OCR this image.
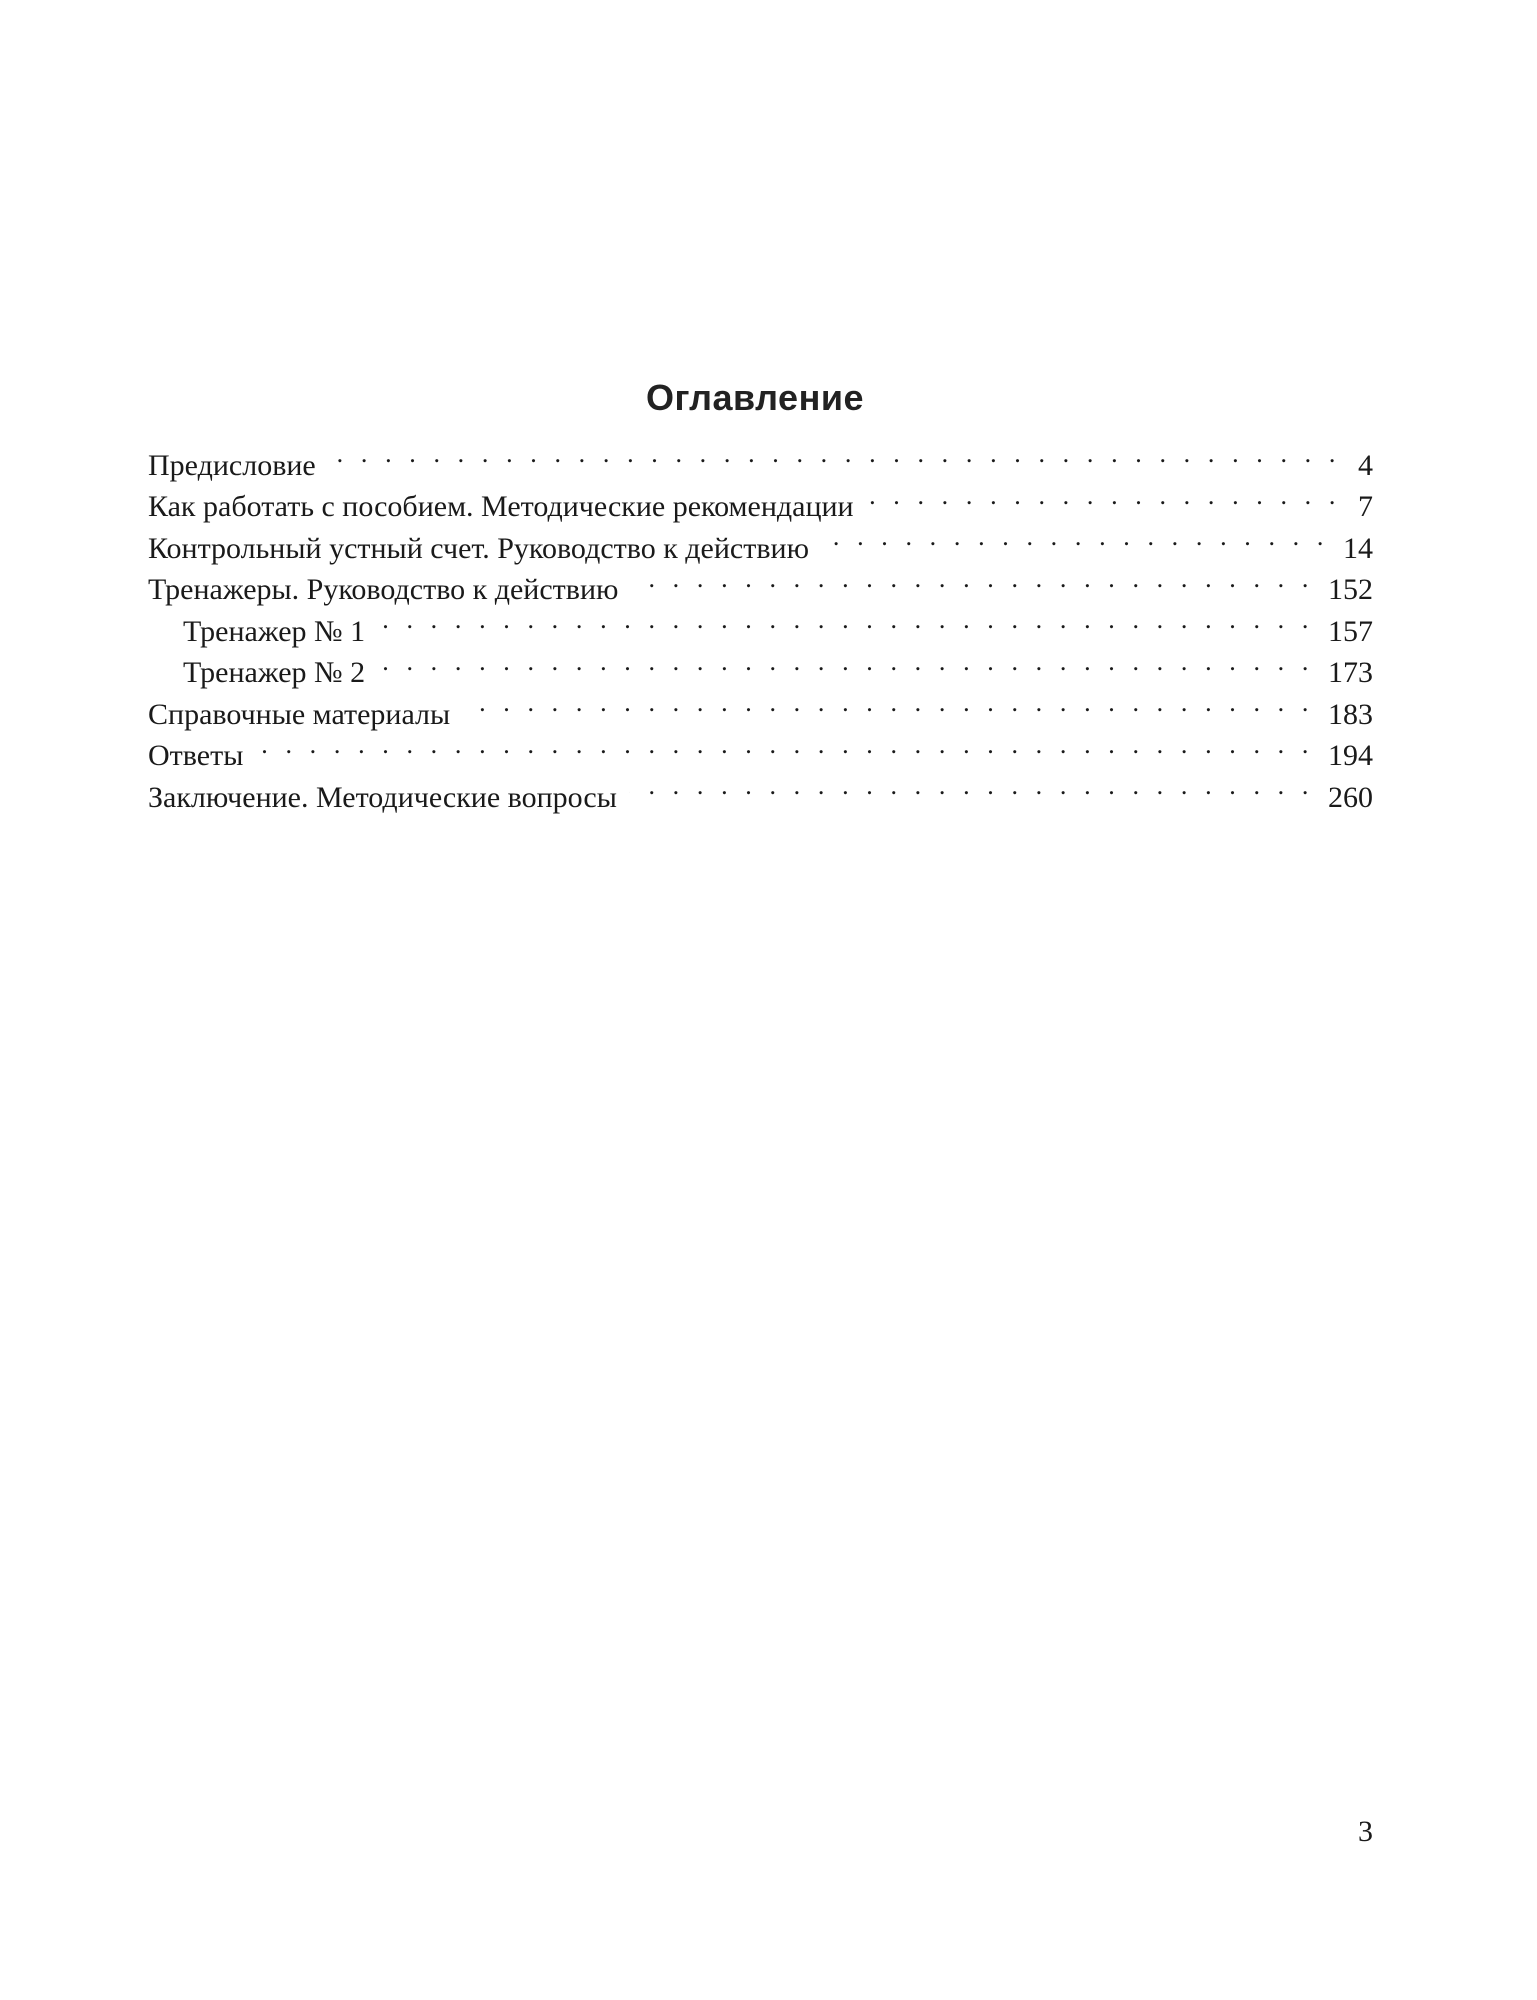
Оглавление
Предисловие . . .	4
Как работать с пособием. Методические рекомендации . . .	7
Контрольный устный счет. Руководство к действию . . .	14
Тренажеры. Руководство к действию . . .	152
Тренажер № 1 . . .	157
Тренажер № 2 . . .	173
Справочные материалы . . .	183
Ответы . . .	194
Заключение. Методические вопросы . . .	260
3
